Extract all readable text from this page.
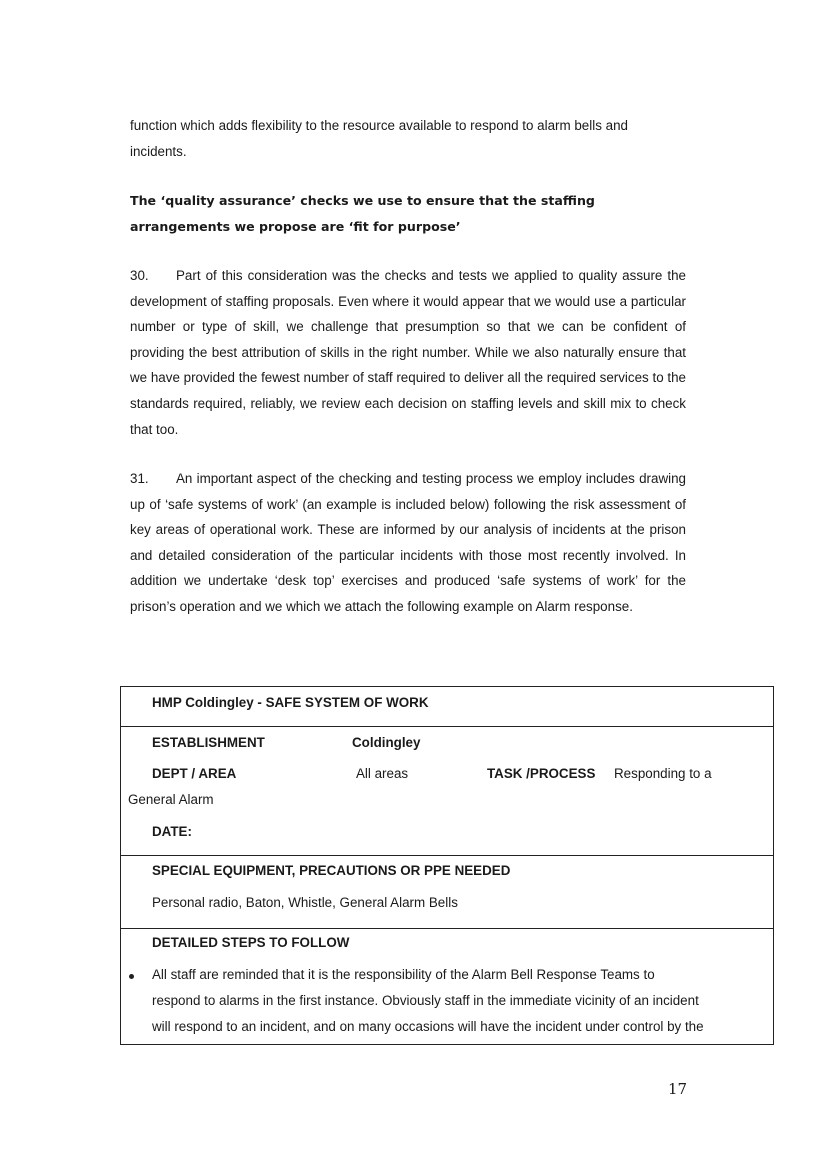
function which adds flexibility to the resource available to respond to alarm bells and
incidents.

The ‘quality assurance’ checks we use to ensure that the staffing
arrangements we propose are ‘fit for purpose’

30. Part of this consideration was the checks and tests we applied to quality assure the development of staffing proposals. Even where it would appear that we would use a particular number or type of skill, we challenge that presumption so that we can be confident of providing the best attribution of skills in the right number. While we also naturally ensure that we have provided the fewest number of staff required to deliver all the required services to the standards required, reliably, we review each decision on staffing levels and skill mix to check that too.

31. An important aspect of the checking and testing process we employ includes drawing up of ‘safe systems of work’ (an example is included below) following the risk assessment of key areas of operational work. These are informed by our analysis of incidents at the prison and detailed consideration of the particular incidents with those most recently involved. In addition we undertake ‘desk top’ exercises and produced ‘safe systems of work’ for the prison’s operation and we which we attach the following example on Alarm response.

HMP Coldingley - SAFE SYSTEM OF WORK
ESTABLISHMENT	Coldingley
DEPT / AREA	All areas	TASK /PROCESS Responding to a
General Alarm
DATE:
SPECIAL EQUIPMENT, PRECAUTIONS OR PPE NEEDED
Personal radio, Baton, Whistle, General Alarm Bells
DETAILED STEPS TO FOLLOW
All staff are reminded that it is the responsibility of the Alarm Bell Response Teams to
respond to alarms in the first instance. Obviously staff in the immediate vicinity of an incident
will respond to an incident, and on many occasions will have the incident under control by the
17
